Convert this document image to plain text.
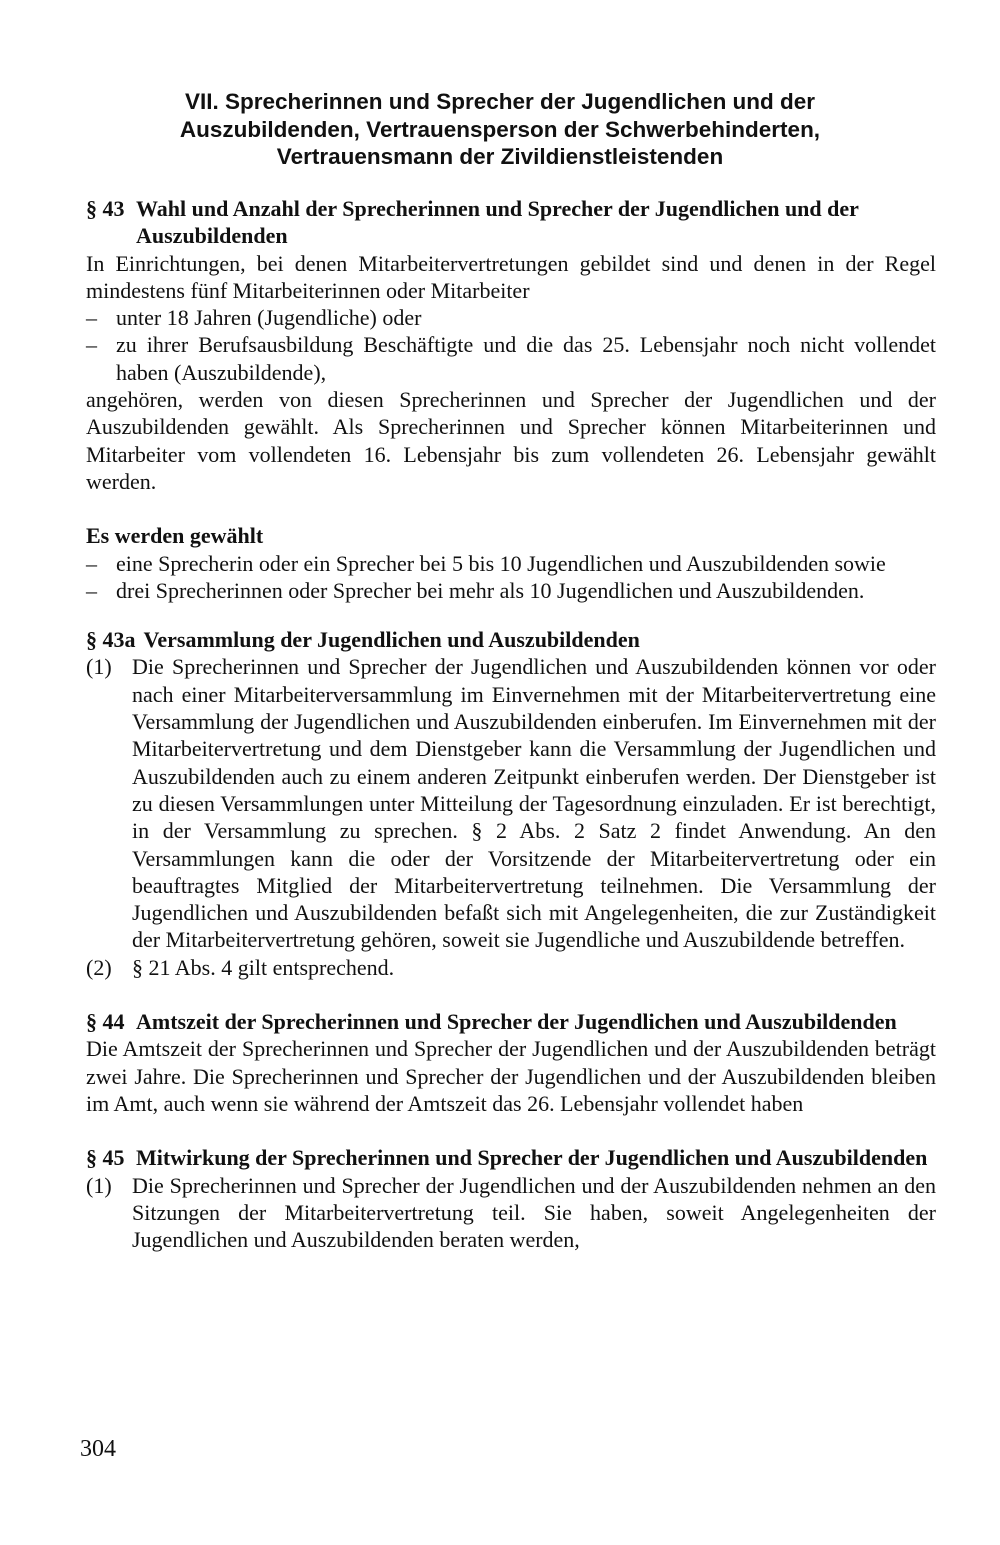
VII. Sprecherinnen und Sprecher der Jugendlichen und der
Auszubildenden, Vertrauensperson der Schwerbehinderten,
Vertrauensmann der Zivildienstleistenden
§ 43 Wahl und Anzahl der Sprecherinnen und Sprecher der Jugendlichen und der Auszubildenden
In Einrichtungen, bei denen Mitarbeitervertretungen gebildet sind und denen in der Regel mindestens fünf Mitarbeiterinnen oder Mitarbeiter
– unter 18 Jahren (Jugendliche) oder
– zu ihrer Berufsausbildung Beschäftigte und die das 25. Lebensjahr noch nicht vollendet haben (Auszubildende),
angehören, werden von diesen Sprecherinnen und Sprecher der Jugendlichen und der Auszubildenden gewählt. Als Sprecherinnen und Sprecher können Mitarbeiterinnen und Mitarbeiter vom vollendeten 16. Lebensjahr bis zum vollendeten 26. Lebensjahr gewählt werden.
Es werden gewählt
– eine Sprecherin oder ein Sprecher bei 5 bis 10 Jugendlichen und Auszubildenden sowie
– drei Sprecherinnen oder Sprecher bei mehr als 10 Jugendlichen und Auszubildenden.
§ 43a Versammlung der Jugendlichen und Auszubildenden
(1) Die Sprecherinnen und Sprecher der Jugendlichen und Auszubildenden können vor oder nach einer Mitarbeiterversammlung im Einvernehmen mit der Mitarbeitervertretung eine Versammlung der Jugendlichen und Auszubildenden einberufen. Im Einvernehmen mit der Mitarbeitervertretung und dem Dienstgeber kann die Versammlung der Jugendlichen und Auszubildenden auch zu einem anderen Zeitpunkt einberufen werden. Der Dienstgeber ist zu diesen Versammlungen unter Mitteilung der Tagesordnung einzuladen. Er ist berechtigt, in der Versammlung zu sprechen. § 2 Abs. 2 Satz 2 findet Anwendung. An den Versammlungen kann die oder der Vorsitzende der Mitarbeitervertretung oder ein beauftragtes Mitglied der Mitarbeitervertretung teilnehmen. Die Versammlung der Jugendlichen und Auszubildenden befaßt sich mit Angelegenheiten, die zur Zuständigkeit der Mitarbeitervertretung gehören, soweit sie Jugendliche und Auszubildende betreffen.
(2) § 21 Abs. 4 gilt entsprechend.
§ 44 Amtszeit der Sprecherinnen und Sprecher der Jugendlichen und Auszubildenden
Die Amtszeit der Sprecherinnen und Sprecher der Jugendlichen und der Auszubildenden beträgt zwei Jahre. Die Sprecherinnen und Sprecher der Jugendlichen und der Auszubildenden bleiben im Amt, auch wenn sie während der Amtszeit das 26. Lebensjahr vollendet haben
§ 45 Mitwirkung der Sprecherinnen und Sprecher der Jugendlichen und Auszubildenden
(1) Die Sprecherinnen und Sprecher der Jugendlichen und der Auszubildenden nehmen an den Sitzungen der Mitarbeitervertretung teil. Sie haben, soweit Angelegenheiten der Jugendlichen und Auszubildenden beraten werden,
304
